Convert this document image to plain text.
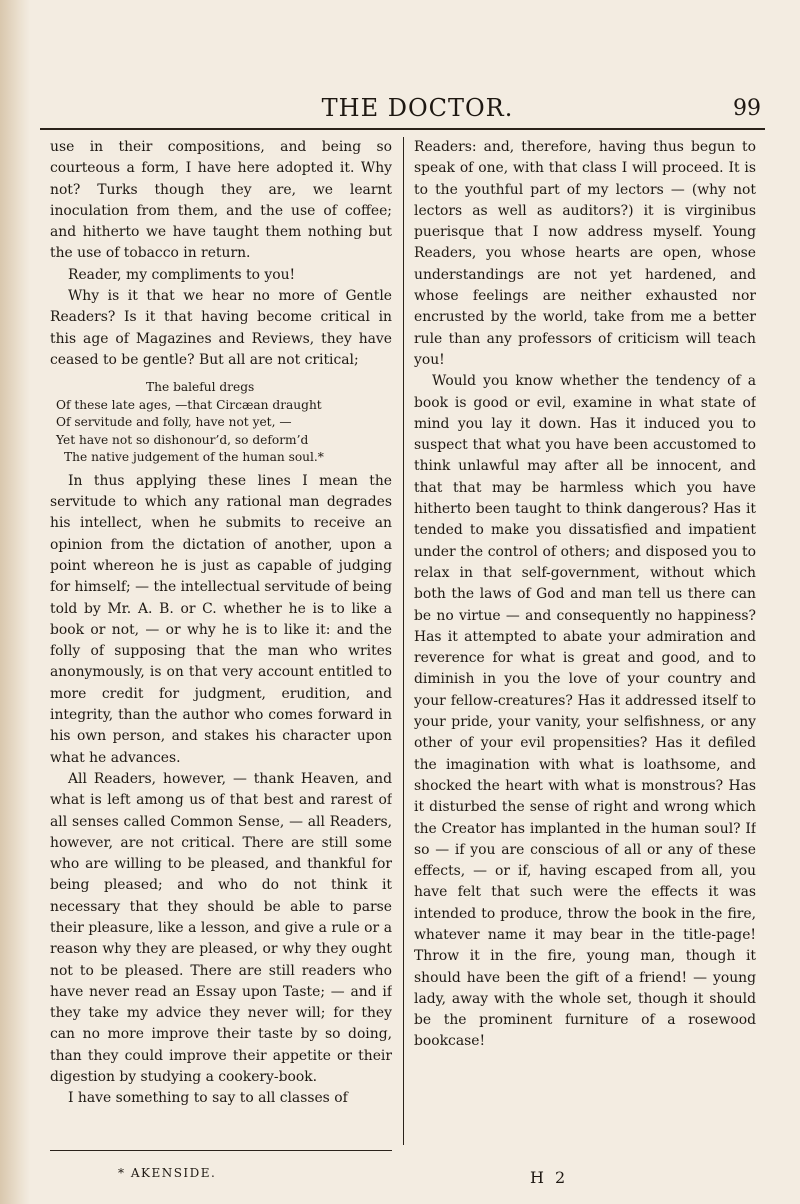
THE DOCTOR.	99

use in their compositions, and being so courteous a form, I have here adopted it. Why not? Turks though they are, we learnt inoculation from them, and the use of coffee; and hitherto we have taught them nothing but the use of tobacco in return.

Reader, my compliments to you!

Why is it that we hear no more of Gentle Readers? Is it that having become critical in this age of Magazines and Reviews, they have ceased to be gentle? But all are not critical;

The baleful dregs
Of these late ages, —that Circæan draught
Of servitude and folly, have not yet, —
Yet have not so dishonour’d, so deform’d
The native judgement of the human soul.*

In thus applying these lines I mean the servitude to which any rational man degrades his intellect, when he submits to receive an opinion from the dictation of another, upon a point whereon he is just as capable of judging for himself; — the intellectual servitude of being told by Mr. A. B. or C. whether he is to like a book or not, — or why he is to like it: and the folly of supposing that the man who writes anonymously, is on that very account entitled to more credit for judgment, erudition, and integrity, than the author who comes forward in his own person, and stakes his character upon what he advances.

All Readers, however, — thank Heaven, and what is left among us of that best and rarest of all senses called Common Sense, — all Readers, however, are not critical. There are still some who are willing to be pleased, and thankful for being pleased; and who do not think it necessary that they should be able to parse their pleasure, like a lesson, and give a rule or a reason why they are pleased, or why they ought not to be pleased. There are still readers who have never read an Essay upon Taste; — and if they take my advice they never will; for they can no more improve their taste by so doing, than they could improve their appetite or their digestion by studying a cookery-book.

I have something to say to all classes of

Readers: and, therefore, having thus begun to speak of one, with that class I will proceed. It is to the youthful part of my lectors — (why not lectors as well as auditors?) it is virginibus puerisque that I now address myself. Young Readers, you whose hearts are open, whose understandings are not yet hardened, and whose feelings are neither exhausted nor encrusted by the world, take from me a better rule than any professors of criticism will teach you!

Would you know whether the tendency of a book is good or evil, examine in what state of mind you lay it down. Has it induced you to suspect that what you have been accustomed to think unlawful may after all be innocent, and that that may be harmless which you have hitherto been taught to think dangerous? Has it tended to make you dissatisfied and impatient under the control of others; and disposed you to relax in that self-government, without which both the laws of God and man tell us there can be no virtue — and consequently no happiness? Has it attempted to abate your admiration and reverence for what is great and good, and to diminish in you the love of your country and your fellow-creatures? Has it addressed itself to your pride, your vanity, your selfishness, or any other of your evil propensities? Has it defiled the imagination with what is loathsome, and shocked the heart with what is monstrous? Has it disturbed the sense of right and wrong which the Creator has implanted in the human soul? If so — if you are conscious of all or any of these effects, — or if, having escaped from all, you have felt that such were the effects it was intended to produce, throw the book in the fire, whatever name it may bear in the title-page! Throw it in the fire, young man, though it should have been the gift of a friend! — young lady, away with the whole set, though it should be the prominent furniture of a rosewood bookcase!

* AKENSIDE.	H 2
